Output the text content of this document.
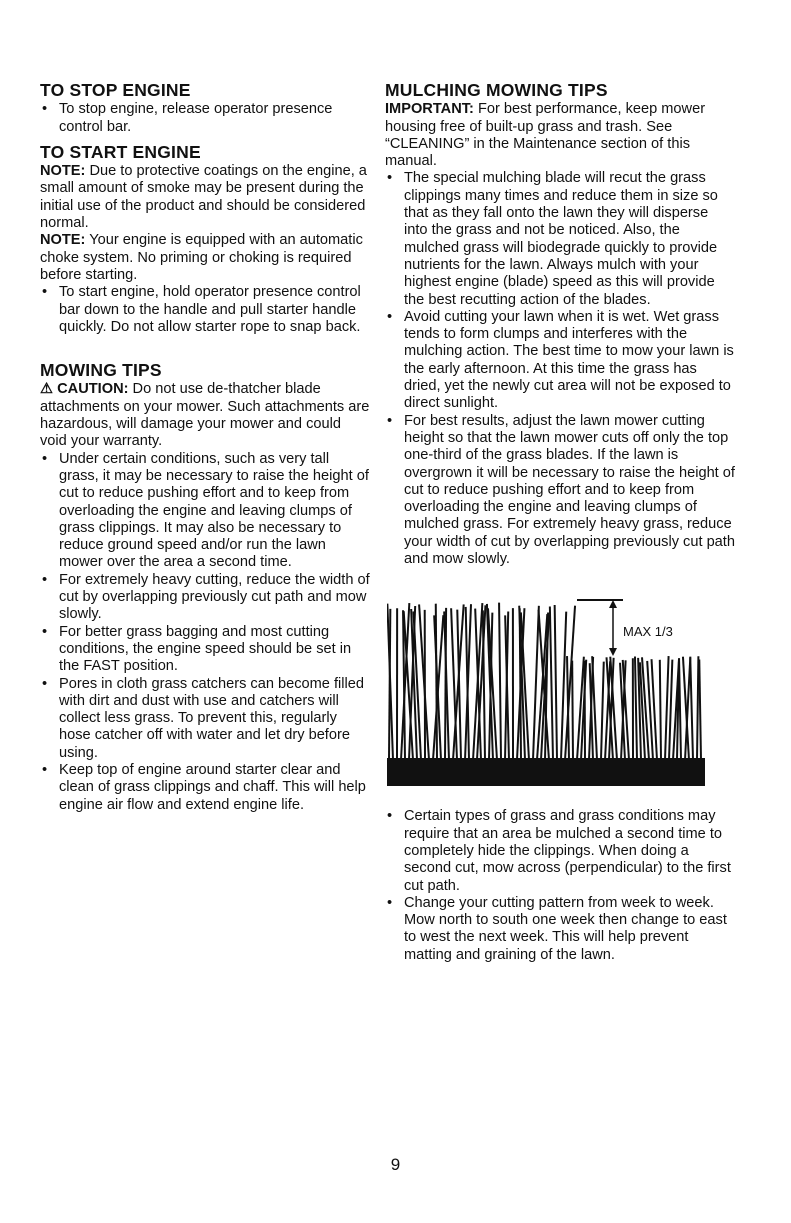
TO STOP ENGINE
• To stop engine, release operator presence control bar.
TO START ENGINE

NOTE: Due to protective coatings on the engine, a small amount of smoke may be present during the initial use of the product and should be considered normal.

NOTE: Your engine is equipped with an automatic choke system. No priming or choking is required before starting.

• To start engine, hold operator presence control bar down to the handle and pull starter handle quickly. Do not allow starter rope to snap back.
MOWING TIPS

⚠ CAUTION: Do not use de-thatcher blade attachments on your mower. Such attachments are hazardous, will damage your mower and could void your warranty.

• Under certain conditions, such as very tall grass, it may be necessary to raise the height of cut to reduce pushing effort and to keep from overloading the engine and leaving clumps of grass clippings. It may also be necessary to reduce ground speed and/or run the lawn mower over the area a second time.
• For extremely heavy cutting, reduce the width of cut by overlapping previously cut path and mow slowly.
• For better grass bagging and most cutting conditions, the engine speed should be set in the FAST position.
• Pores in cloth grass catchers can become filled with dirt and dust with use and catchers will collect less grass. To prevent this, regularly hose catcher off with water and let dry before using.
• Keep top of engine around starter clear and clean of grass clippings and chaff. This will help engine air flow and extend engine life.
MULCHING MOWING TIPS

IMPORTANT: For best performance, keep mower housing free of built-up grass and trash. See “CLEANING” in the Maintenance section of this manual.

• The special mulching blade will recut the grass clippings many times and reduce them in size so that as they fall onto the lawn they will disperse into the grass and not be noticed. Also, the mulched grass will biodegrade quickly to provide nutrients for the lawn. Always mulch with your highest engine (blade) speed as this will provide the best recutting action of the blades.
• Avoid cutting your lawn when it is wet. Wet grass tends to form clumps and interferes with the mulching action. The best time to mow your lawn is the early afternoon. At this time the grass has dried, yet the newly cut area will not be exposed to direct sunlight.
• For best results, adjust the lawn mower cutting height so that the lawn mower cuts off only the top one-third of the grass blades. If the lawn is overgrown it will be necessary to raise the height of cut to reduce pushing effort and to keep from overloading the engine and leaving clumps of mulched grass. For extremely heavy grass, reduce your width of cut by overlapping previously cut path and mow slowly.
MAX 1/3
• Certain types of grass and grass conditions may require that an area be mulched a second time to completely hide the clippings. When doing a second cut, mow across (perpendicular) to the first cut path.
• Change your cutting pattern from week to week. Mow north to south one week then change to east to west the next week. This will help prevent matting and graining of the lawn.
9
